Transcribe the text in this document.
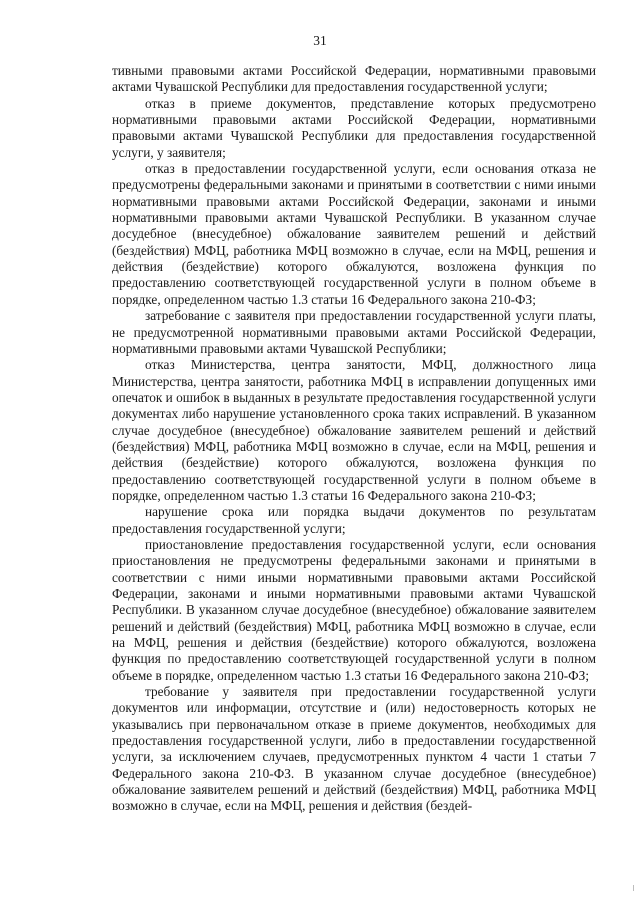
31

тивными правовыми актами Российской Федерации, нормативными правовыми актами Чувашской Республики для предоставления государственной услуги;

отказ в приеме документов, представление которых предусмотрено нормативными правовыми актами Российской Федерации, нормативными правовыми актами Чувашской Республики для предоставления государственной услуги, у заявителя;

отказ в предоставлении государственной услуги, если основания отказа не предусмотрены федеральными законами и принятыми в соответствии с ними иными нормативными правовыми актами Российской Федерации, законами и иными нормативными правовыми актами Чувашской Республики. В указанном случае досудебное (внесудебное) обжалование заявителем решений и действий (бездействия) МФЦ, работника МФЦ возможно в случае, если на МФЦ, решения и действия (бездействие) которого обжалуются, возложена функция по предоставлению соответствующей государственной услуги в полном объеме в порядке, определенном частью 1.3 статьи 16 Федерального закона 210-ФЗ;

затребование с заявителя при предоставлении государственной услуги платы, не предусмотренной нормативными правовыми актами Российской Федерации, нормативными правовыми актами Чувашской Республики;

отказ Министерства, центра занятости, МФЦ, должностного лица Министерства, центра занятости, работника МФЦ в исправлении допущенных ими опечаток и ошибок в выданных в результате предоставления государственной услуги документах либо нарушение установленного срока таких исправлений. В указанном случае досудебное (внесудебное) обжалование заявителем решений и действий (бездействия) МФЦ, работника МФЦ возможно в случае, если на МФЦ, решения и действия (бездействие) которого обжалуются, возложена функция по предоставлению соответствующей государственной услуги в полном объеме в порядке, определенном частью 1.3 статьи 16 Федерального закона 210-ФЗ;

нарушение срока или порядка выдачи документов по результатам предоставления государственной услуги;

приостановление предоставления государственной услуги, если основания приостановления не предусмотрены федеральными законами и принятыми в соответствии с ними иными нормативными правовыми актами Российской Федерации, законами и иными нормативными правовыми актами Чувашской Республики. В указанном случае досудебное (внесудебное) обжалование заявителем решений и действий (бездействия) МФЦ, работника МФЦ возможно в случае, если на МФЦ, решения и действия (бездействие) которого обжалуются, возложена функция по предоставлению соответствующей государственной услуги в полном объеме в порядке, определенном частью 1.3 статьи 16 Федерального закона 210-ФЗ;

требование у заявителя при предоставлении государственной услуги документов или информации, отсутствие и (или) недостоверность которых не указывались при первоначальном отказе в приеме документов, необходимых для предоставления государственной услуги, либо в предоставлении государственной услуги, за исключением случаев, предусмотренных пунктом 4 части 1 статьи 7 Федерального закона 210-ФЗ. В указанном случае досудебное (внесудебное) обжалование заявителем решений и действий (бездействия) МФЦ, работника МФЦ возможно в случае, если на МФЦ, решения и действия (бездей-
